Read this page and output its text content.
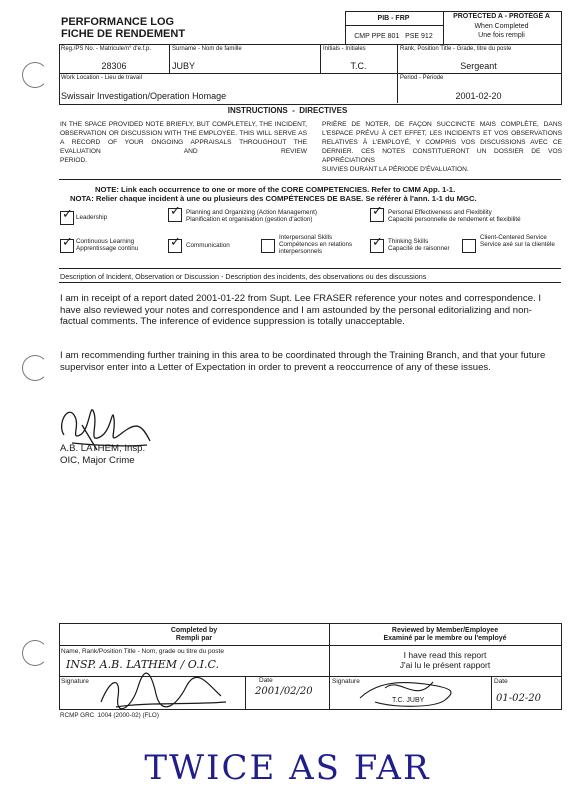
PERFORMANCE LOG
FICHE DE RENDEMENT
PIB - FRP
CMP PPE 801   PSE 912
PROTECTED A - PROTÉGÉ A
When Completed
Une fois rempli
Reg./PS No. - Matricule/n° d'e.f.p.
28306
Surname - Nom de famille
JUBY
Initials - Initiales
T.C.
Rank, Position Title - Grade, titre du poste
Sergeant
Work Location - Lieu de travail
Swissair Investigation/Operation Homage
Period - Période
2001-02-20
INSTRUCTIONS  -  DIRECTIVES
IN THE SPACE PROVIDED NOTE BRIEFLY, BUT COMPLETELY, THE INCIDENT, OBSERVATION OR DISCUSSION WITH THE EMPLOYEE. THIS WILL SERVE AS A RECORD OF YOUR ONGOING APPRAISALS THROUGHOUT THE EVALUATION AND REVIEW
PERIOD.
PRIÈRE DE NOTER, DE FAÇON SUCCINCTE MAIS COMPLÈTE, DANS L'ESPACE PRÉVU À CET EFFET, LES INCIDENTS ET VOS OBSERVATIONS RELATIVES À L'EMPLOYÉ, Y COMPRIS VOS DISCUSSIONS AVEC CE DERNIER. CES NOTES CONSTITUERONT UN DOSSIER DE VOS APPRÉCIATIONS
SUIVIES DURANT LA PÉRIODE D'ÉVALUATION.
NOTE: Link each occurrence to one or more of the CORE COMPETENCIES. Refer to CMM App. 1-1.
NOTA: Relier chaque incident à une ou plusieurs des COMPÉTENCES DE BASE. Se référer à l'ann. 1-1 du MGC.
✓ Leadership	✓ Planning and Organizing (Action Management)
Planification et organisation (gestion d'action)
✓ Personal Effectiveness and Flexibility
Capacité personnelle de rendement et flexibilité
✓ Continuous Learning
Apprentissage continu ✓ Communication
Interpersonal Skills
Compétences en relations interpersonnels
✓ Thinking Skills
Capacité de raisonner
Client-Centered Service
Service axé sur la clientèle
Description of Incident, Observation or Discussion - Description des incidents, des observations ou des discussions
I am in receipt of a report dated 2001-01-22 from Supt. Lee FRASER reference your notes and correspondence. I have also reviewed your notes and correspondence and I am astounded by the personal editorializing and non-factual comments. The inference of evidence suppression is totally unacceptable.
I am recommending further training in this area to be coordinated through the Training Branch, and that your future supervisor enter into a Letter of Expectation in order to prevent a reoccurrence of any of these issues.
A.B. LATHEM, Insp.
OIC, Major Crime
Completed by
Rempli par
Reviewed by Member/Employee
Examiné par le membre ou l'employé
Name, Rank/Position Title - Nom, grade ou titre du poste
INSP. A.B. LATHEM / O.I.C.
I have read this report
J'ai lu le présent rapport
Signature	Date
2001/02/20
Signature
T.C. JUBY
Date
01-02-20
RCMP GRC  1004 (2000-02) (FLO)
TWICE AS FAR
